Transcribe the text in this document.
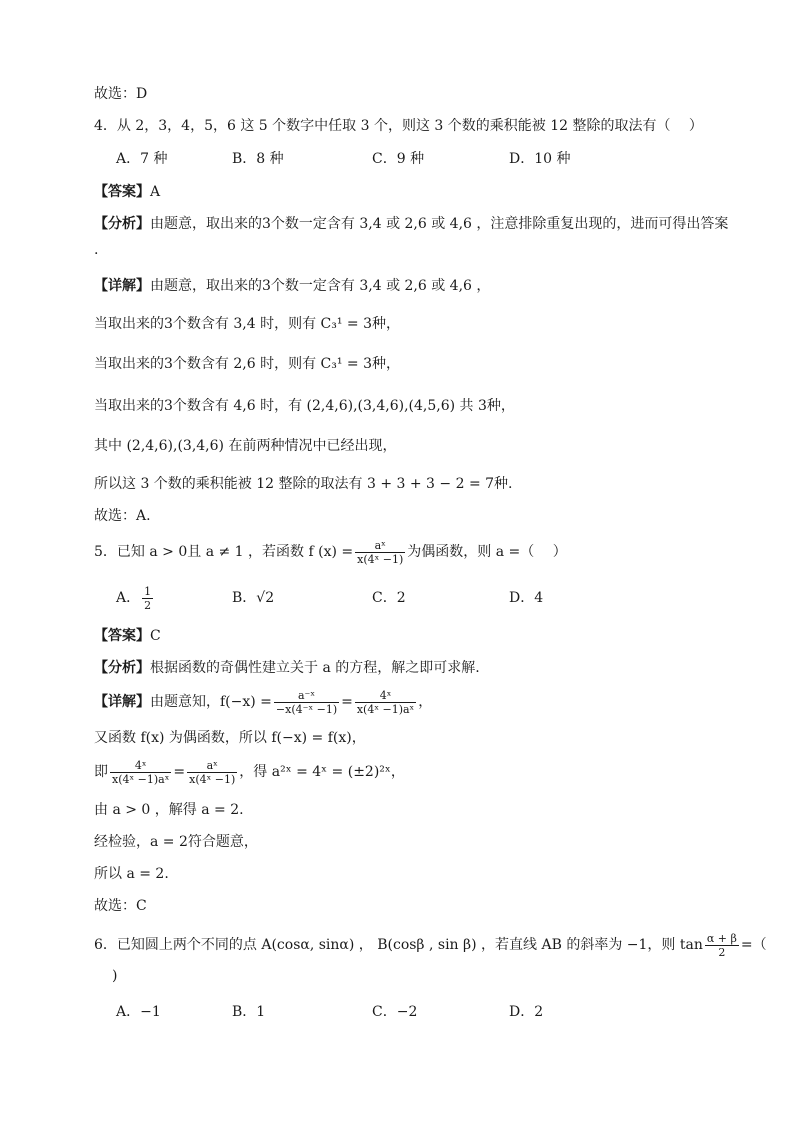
故选：D
4．从 2，3，4，5，6 这 5 个数字中任取 3 个，则这 3 个数的乘积能被 12 整除的取法有（　 ）
A．7 种	B．8 种	C．9 种	D．10 种
【答案】A
【分析】由题意，取出来的3个数一定含有 3,4 或 2,6 或 4,6 ，注意排除重复出现的，进而可得出答案
.
【详解】由题意，取出来的3个数一定含有 3,4 或 2,6 或 4,6 ，
当取出来的3个数含有 3,4 时，则有 C₃¹ = 3种，
当取出来的3个数含有 2,6 时，则有 C₃¹ = 3种，
当取出来的3个数含有 4,6 时，有 (2,4,6),(3,4,6),(4,5,6) 共 3种，
其中 (2,4,6),(3,4,6) 在前两种情况中已经出现，
所以这 3 个数的乘积能被 12 整除的取法有 3 + 3 + 3 − 2 = 7种.
故选：A.
5．已知 a > 0且 a ≠ 1 ，若函数 f $(x) = \frac{\text{aˣ}}{\text{x(4ˣ −1)}}$ 为偶函数，则 a =（　 ）
A． $\frac{1}{2}$	B．√2	C．2	D．4
【答案】C
【分析】根据函数的奇偶性建立关于 a 的方程，解之即可求解.
【详解】由题意知，$f(-x) = \frac{\text{a⁻ˣ}}{\text{−x(4⁻ˣ −1)}} = \frac{\text{4ˣ}}{\text{x(4ˣ −1)aˣ}}$ ，
又函数 f(x) 为偶函数，所以 f(−x) = f(x)，
即 $\frac{\text{4ˣ}}{\text{x(4ˣ −1)aˣ}} = \frac{\text{aˣ}}{\text{x(4ˣ −1)}}$ ，得 a²ˣ = 4ˣ = (±2)²ˣ，
由 a > 0 ，解得 a = 2.
经检验，a = 2符合题意，
所以 a = 2.
故选：C
6．已知圆上两个不同的点 A(cosα, sinα) ， B(cosβ , sin β) ，若直线 AB 的斜率为 −1，则 $\tan \frac{\alpha + \beta}{2}$ =（
)
A．−1	B．1	C．−2	D．2
